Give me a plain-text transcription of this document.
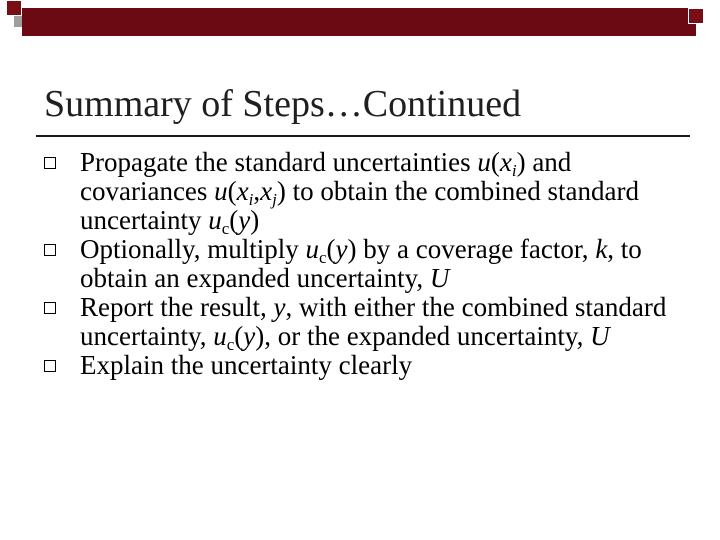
Summary of Steps…Continued
Propagate the standard uncertainties $u(x_i)$ and covariances $u(x_i,x_j)$ to obtain the combined standard uncertainty $u_c(y)$
Optionally, multiply $u_c(y)$ by a coverage factor, k, to obtain an expanded uncertainty, U
Report the result, y, with either the combined standard uncertainty, $u_c(y)$, or the expanded uncertainty, U
Explain the uncertainty clearly
